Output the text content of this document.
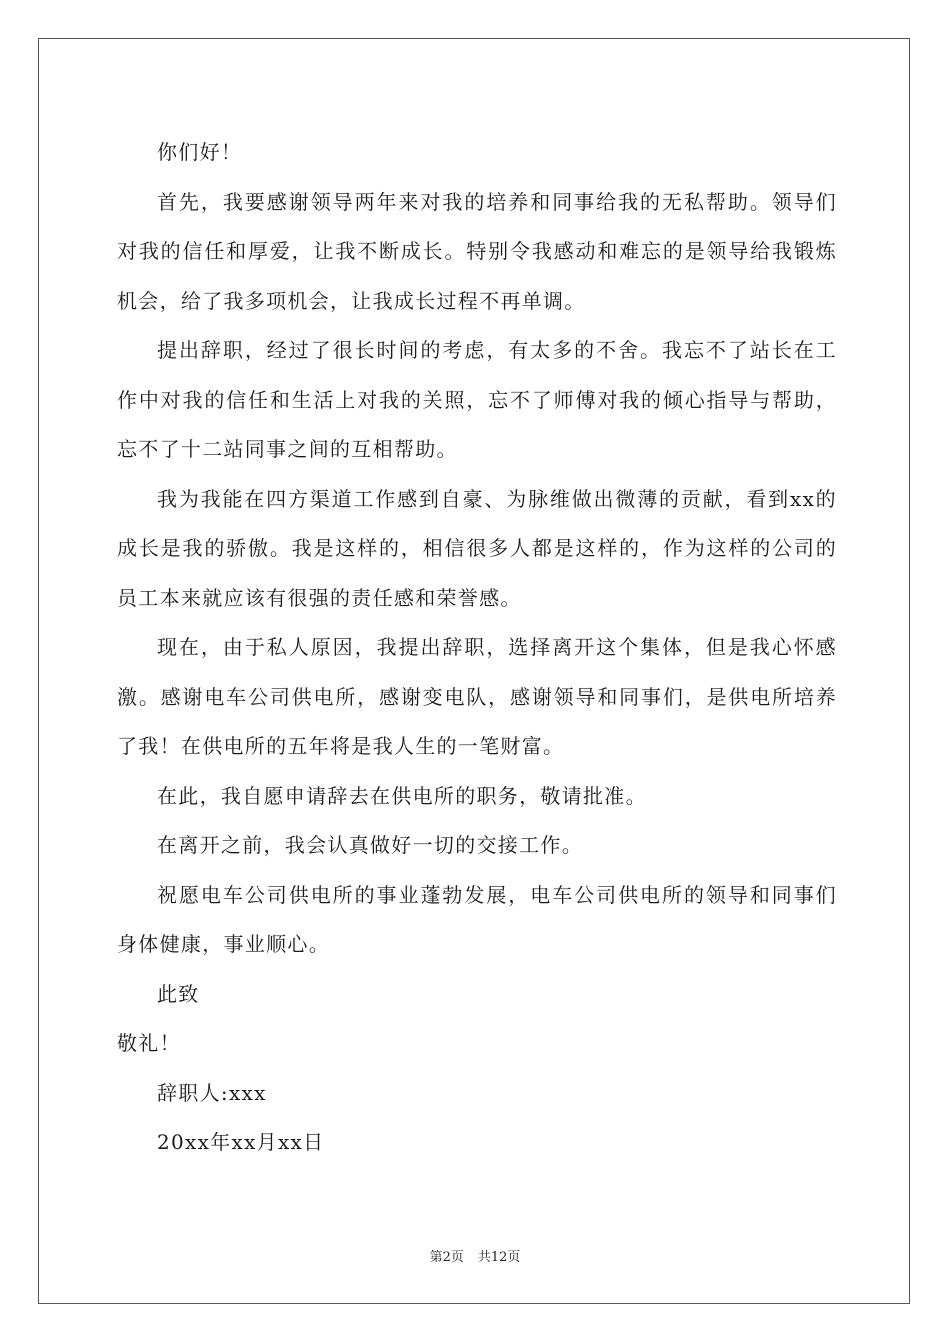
你们好！

首先，我要感谢领导两年来对我的培养和同事给我的无私帮助。领导们对我的信任和厚爱，让我不断成长。特别令我感动和难忘的是领导给我锻炼机会，给了我多项机会，让我成长过程不再单调。

提出辞职，经过了很长时间的考虑，有太多的不舍。我忘不了站长在工作中对我的信任和生活上对我的关照，忘不了师傅对我的倾心指导与帮助，忘不了十二站同事之间的互相帮助。

我为我能在四方渠道工作感到自豪、为脉维做出微薄的贡献，看到xx的成长是我的骄傲。我是这样的，相信很多人都是这样的，作为这样的公司的员工本来就应该有很强的责任感和荣誉感。

现在，由于私人原因，我提出辞职，选择离开这个集体，但是我心怀感激。感谢电车公司供电所，感谢变电队，感谢领导和同事们，是供电所培养了我！在供电所的五年将是我人生的一笔财富。

在此，我自愿申请辞去在供电所的职务，敬请批准。

在离开之前，我会认真做好一切的交接工作。

祝愿电车公司供电所的事业蓬勃发展，电车公司供电所的领导和同事们身体健康，事业顺心。

此致

敬礼！

辞职人:xxx

20xx年xx月xx日

第2页 共12页
